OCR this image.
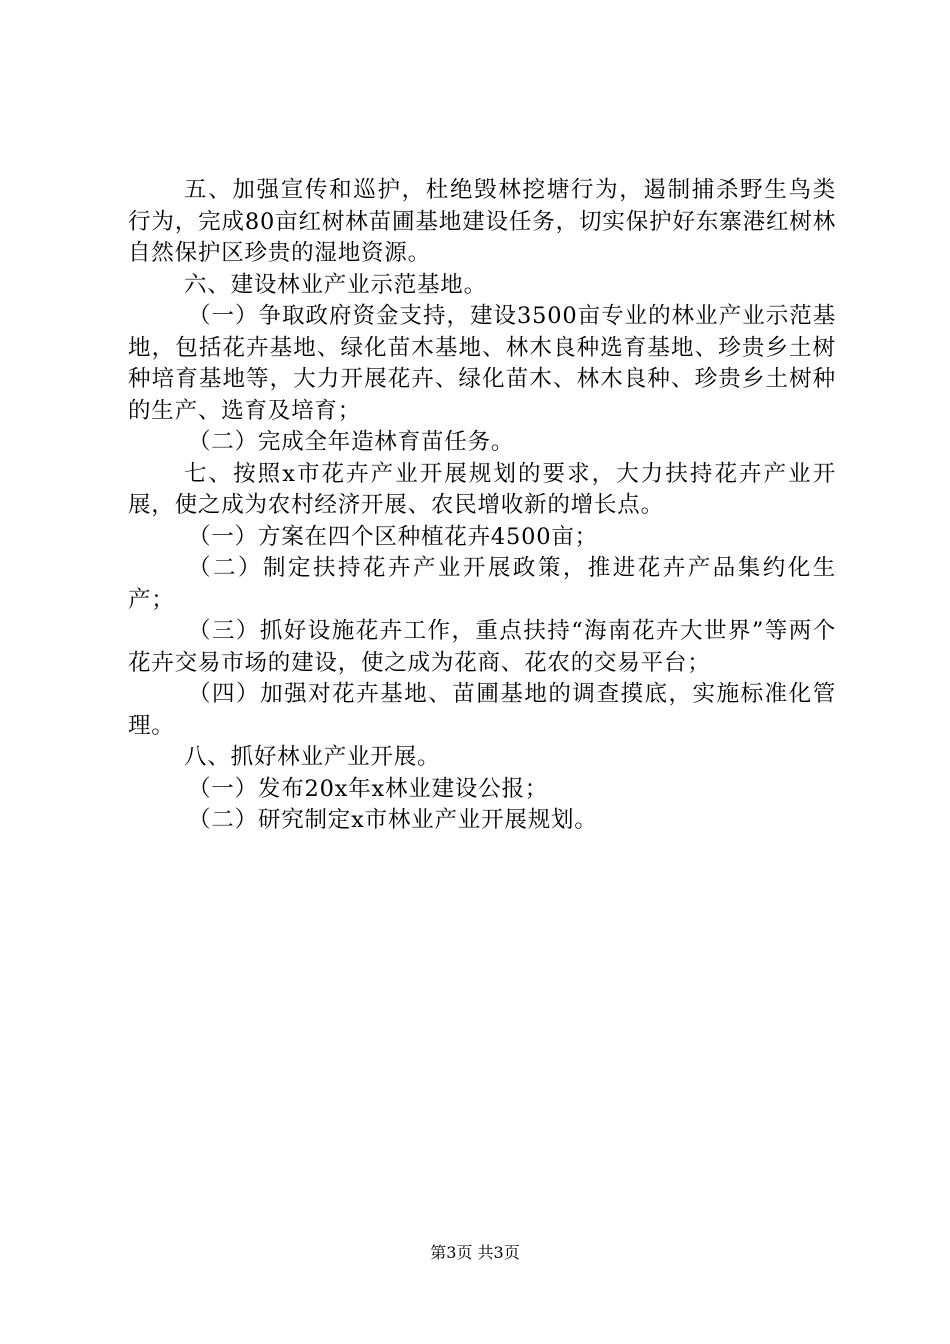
五、加强宣传和巡护，杜绝毁林挖塘行为，遏制捕杀野生鸟类行为，完成80亩红树林苗圃基地建设任务，切实保护好东寨港红树林自然保护区珍贵的湿地资源。

六、建设林业产业示范基地。

（一）争取政府资金支持，建设3500亩专业的林业产业示范基地，包括花卉基地、绿化苗木基地、林木良种选育基地、珍贵乡土树种培育基地等，大力开展花卉、绿化苗木、林木良种、珍贵乡土树种的生产、选育及培育；

（二）完成全年造林育苗任务。

七、按照x市花卉产业开展规划的要求，大力扶持花卉产业开展，使之成为农村经济开展、农民增收新的增长点。

（一）方案在四个区种植花卉4500亩；

（二）制定扶持花卉产业开展政策，推进花卉产品集约化生产；

（三）抓好设施花卉工作，重点扶持“海南花卉大世界”等两个花卉交易市场的建设，使之成为花商、花农的交易平台；

（四）加强对花卉基地、苗圃基地的调查摸底，实施标准化管理。

八、抓好林业产业开展。

（一）发布20x年x林业建设公报；

（二）研究制定x市林业产业开展规划。

第3页 共3页
